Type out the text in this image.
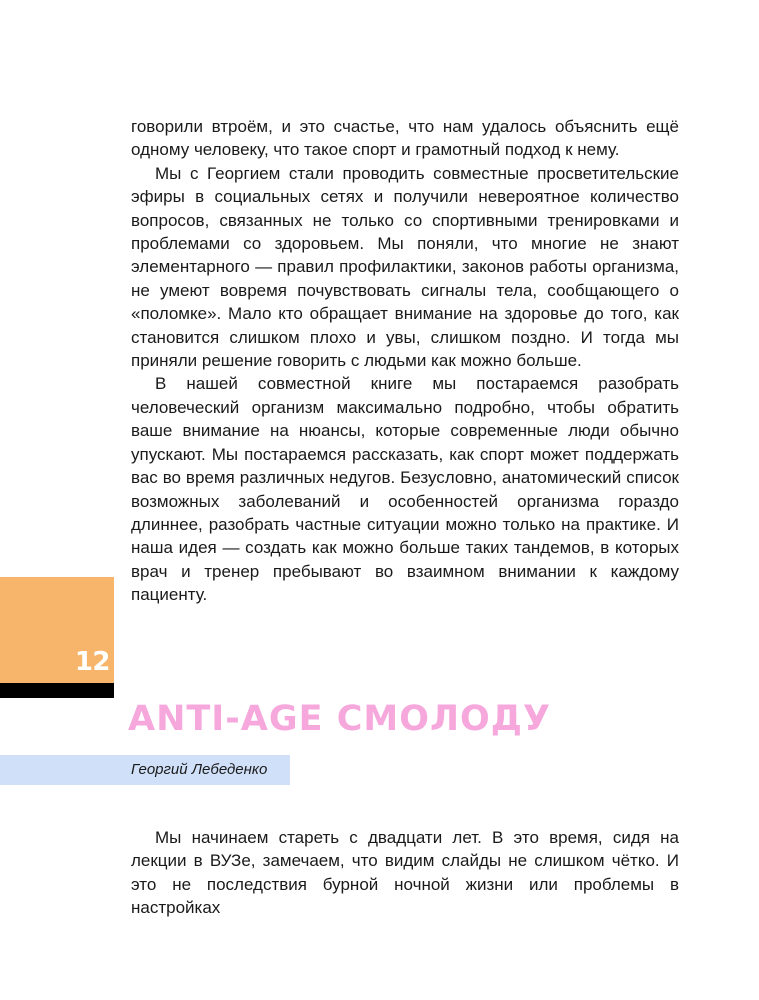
говорили втроём, и это счастье, что нам удалось объяснить ещё одному человеку, что такое спорт и грамотный подход к нему.

Мы с Георгием стали проводить совместные просветительские эфиры в социальных сетях и получили невероятное количество вопросов, связанных не только со спортивными тренировками и проблемами со здоровьем. Мы поняли, что многие не знают элементарного — правил профилактики, законов работы организма, не умеют вовремя почувствовать сигналы тела, сообщающего о «поломке». Мало кто обращает внимание на здоровье до того, как становится слишком плохо и увы, слишком поздно. И тогда мы приняли решение говорить с людьми как можно больше.

В нашей совместной книге мы постараемся разобрать человеческий организм максимально подробно, чтобы обратить ваше внимание на нюансы, которые современные люди обычно упускают. Мы постараемся рассказать, как спорт может поддержать вас во время различных недугов. Безусловно, анатомический список возможных заболеваний и особенностей организма гораздо длиннее, разобрать частные ситуации можно только на практике. И наша идея — создать как можно больше таких тандемов, в которых врач и тренер пребывают во взаимном внимании к каждому пациенту.

12
ANTI-AGE СМОЛОДУ
Георгий Лебеденко

Мы начинаем стареть с двадцати лет. В это время, сидя на лекции в ВУЗе, замечаем, что видим слайды не слишком чётко. И это не последствия бурной ночной жизни или проблемы в настройках
